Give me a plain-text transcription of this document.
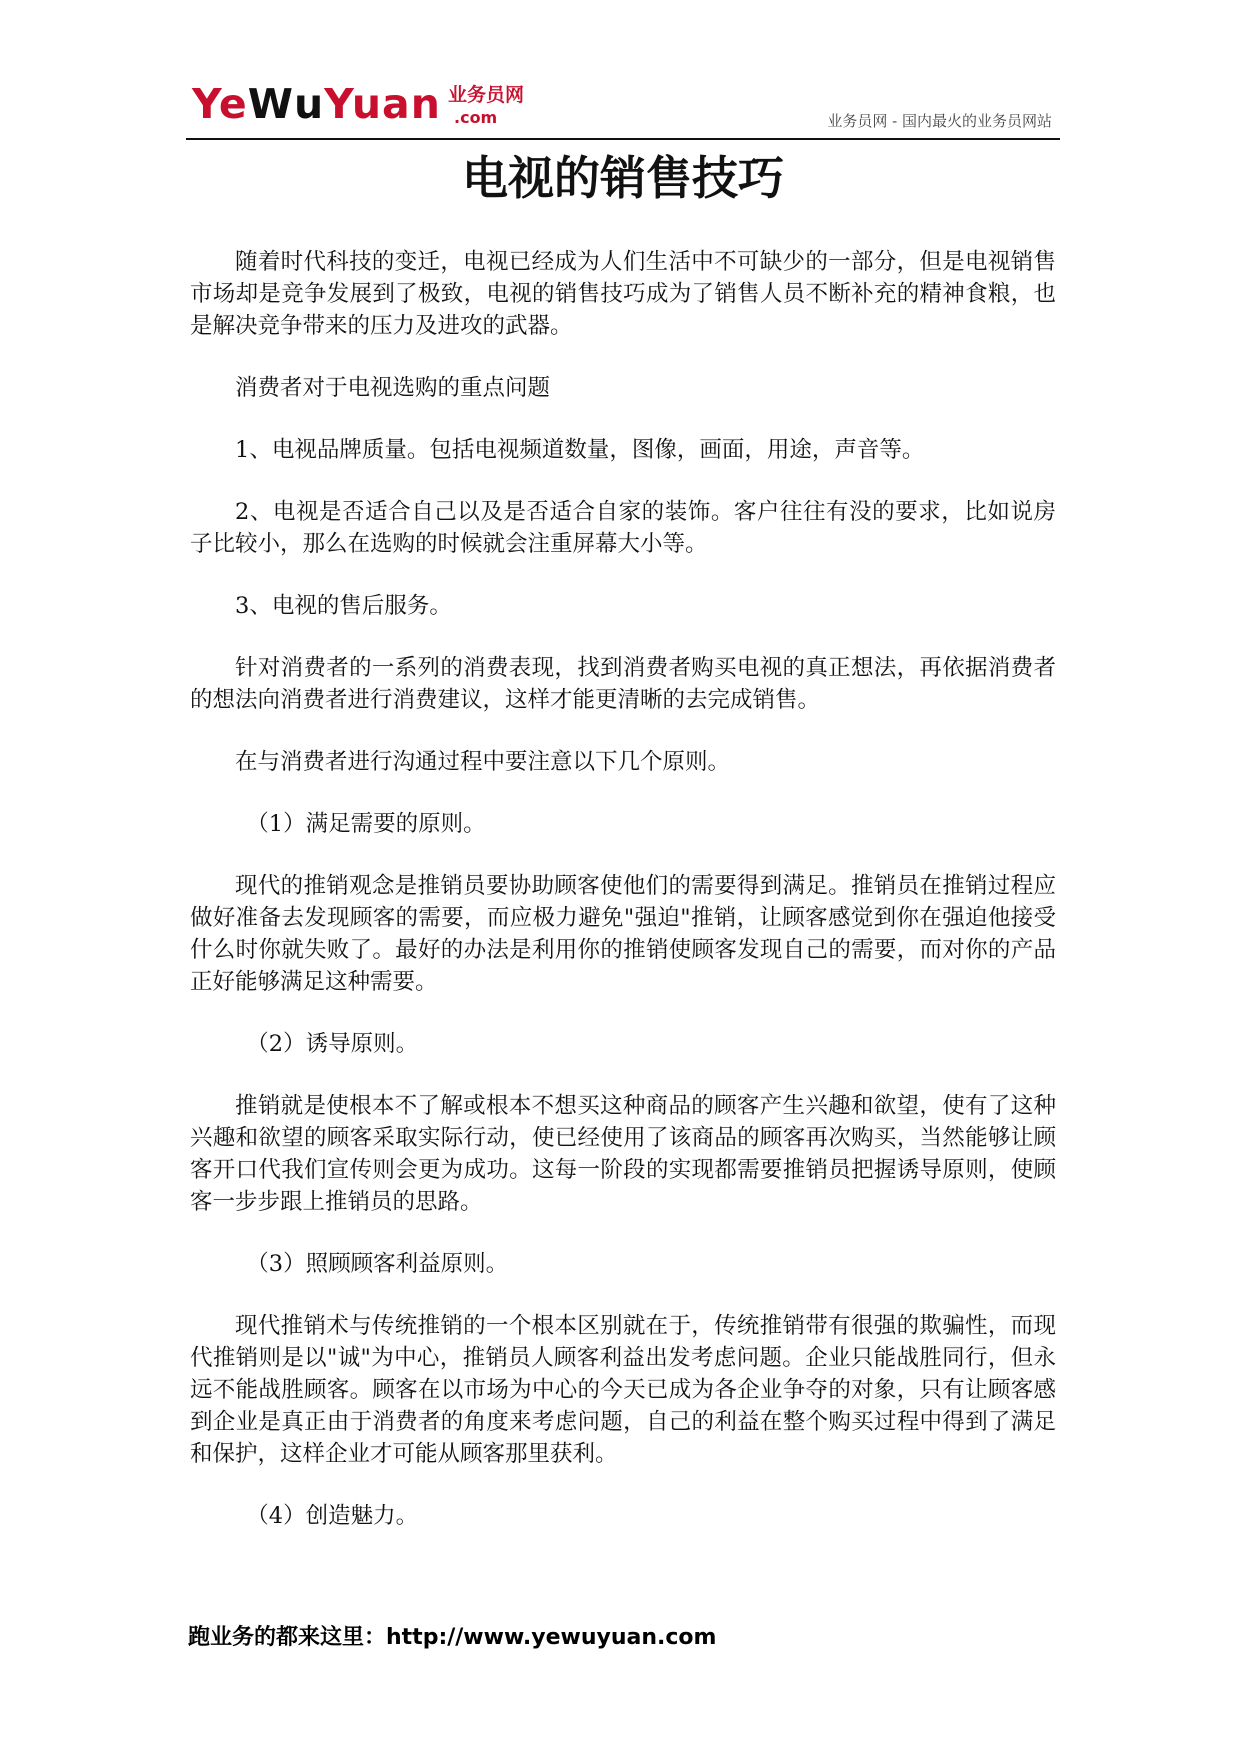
YeWuYuan 业务员网
.com	业务员网 - 国内最火的业务员网站
电视的销售技巧

随着时代科技的变迁，电视已经成为人们生活中不可缺少的一部分，但是电视销售市场却是竞争发展到了极致，电视的销售技巧成为了销售人员不断补充的精神食粮，也是解决竞争带来的压力及进攻的武器。

消费者对于电视选购的重点问题

1、电视品牌质量。包括电视频道数量，图像，画面，用途，声音等。

2、电视是否适合自己以及是否适合自家的装饰。客户往往有没的要求，比如说房子比较小，那么在选购的时候就会注重屏幕大小等。

3、电视的售后服务。

针对消费者的一系列的消费表现，找到消费者购买电视的真正想法，再依据消费者的想法向消费者进行消费建议，这样才能更清晰的去完成销售。

在与消费者进行沟通过程中要注意以下几个原则。

（1）满足需要的原则。

现代的推销观念是推销员要协助顾客使他们的需要得到满足。推销员在推销过程应做好准备去发现顾客的需要，而应极力避免"强迫"推销，让顾客感觉到你在强迫他接受什么时你就失败了。最好的办法是利用你的推销使顾客发现自己的需要，而对你的产品正好能够满足这种需要。

（2）诱导原则。

推销就是使根本不了解或根本不想买这种商品的顾客产生兴趣和欲望，使有了这种兴趣和欲望的顾客采取实际行动，使已经使用了该商品的顾客再次购买，当然能够让顾客开口代我们宣传则会更为成功。这每一阶段的实现都需要推销员把握诱导原则，使顾客一步步跟上推销员的思路。

（3）照顾顾客利益原则。

现代推销术与传统推销的一个根本区别就在于，传统推销带有很强的欺骗性，而现代推销则是以"诚"为中心，推销员人顾客利益出发考虑问题。企业只能战胜同行，但永远不能战胜顾客。顾客在以市场为中心的今天已成为各企业争夺的对象，只有让顾客感到企业是真正由于消费者的角度来考虑问题，自己的利益在整个购买过程中得到了满足和保护，这样企业才可能从顾客那里获利。

（4）创造魅力。

跑业务的都来这里：http://www.yewuyuan.com
